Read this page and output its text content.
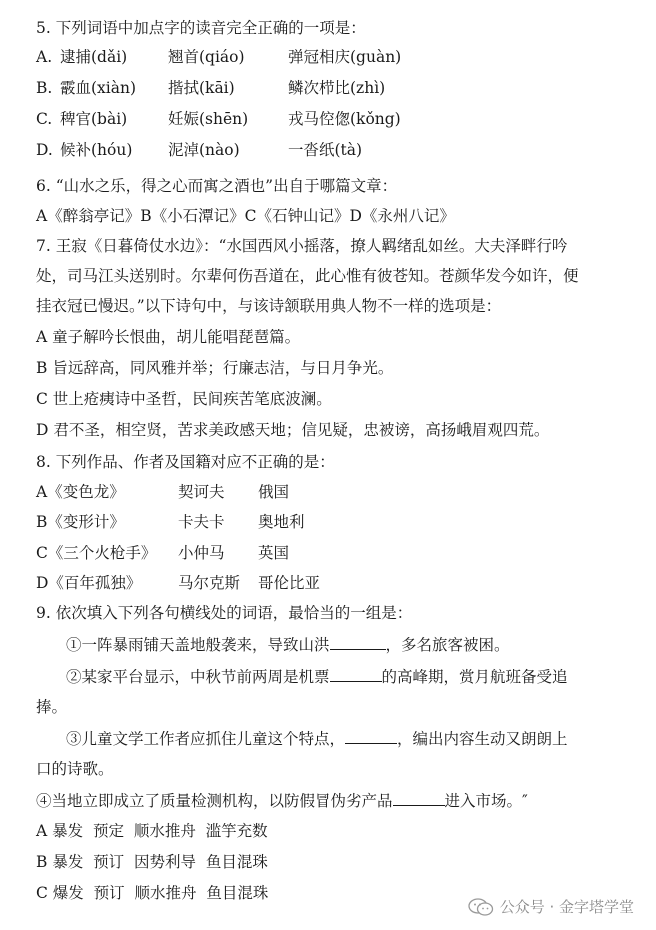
5. 下列词语中加点字的读音完全正确的一项是：
A. 逮捕(dǎi)	翘首(qiáo)	弹冠相庆(guàn)
B. 霰血(xiàn) 揩拭(kāi)	鳞次栉比(zhì)
C. 稗官(bài)	妊娠(shēn)	戎马倥偬(kǒng)
D. 候补(hóu) 泥淖(nào)	一沓纸(tà)
6. “山水之乐，得之心而寓之酒也”出自于哪篇文章：
A《醉翁亭记》B《小石潭记》C《石钟山记》D《永州八记》
7. 王寂《日暮倚仗水边》：“水国西风小摇落，撩人羁绪乱如丝。大夫泽畔行吟
处，司马江头送别时。尔辈何伤吾道在，此心惟有彼苍知。苍颜华发今如许，便
挂衣冠已慢迟。”以下诗句中，与该诗颔联用典人物不一样的选项是：
A 童子解吟长恨曲，胡儿能唱琵琶篇。
B 旨远辞高，同风雅并举；行廉志洁，与日月争光。
C 世上疮痍诗中圣哲，民间疾苦笔底波澜。
D 君不圣，相空贤，苦求美政感天地；信见疑，忠被谤，高扬峨眉观四荒。
8. 下列作品、作者及国籍对应不正确的是：
A《变色龙》	契诃夫 俄国
B《变形计》	卡夫卡 奥地利
C《三个火枪手》 小仲马 英国
D《百年孤独》 马尔克斯 哥伦比亚
9. 依次填入下列各句横线处的词语，最恰当的一组是：
①一阵暴雨铺天盖地般袭来，导致山洪	，多名旅客被困。
②某家平台显示，中秋节前两周是机票	的高峰期，赏月航班备受追
捧。
③儿童文学工作者应抓住儿童这个特点，	，编出内容生动又朗朗上
口的诗歌。
④当地立即成立了质量检测机构，以防假冒伪劣产品	进入市场。″
A 暴发  预定  顺水推舟  滥竽充数
B 暴发  预订  因势利导  鱼目混珠
C 爆发  预订  顺水推舟  鱼目混珠
公众号 · 金字塔学堂
